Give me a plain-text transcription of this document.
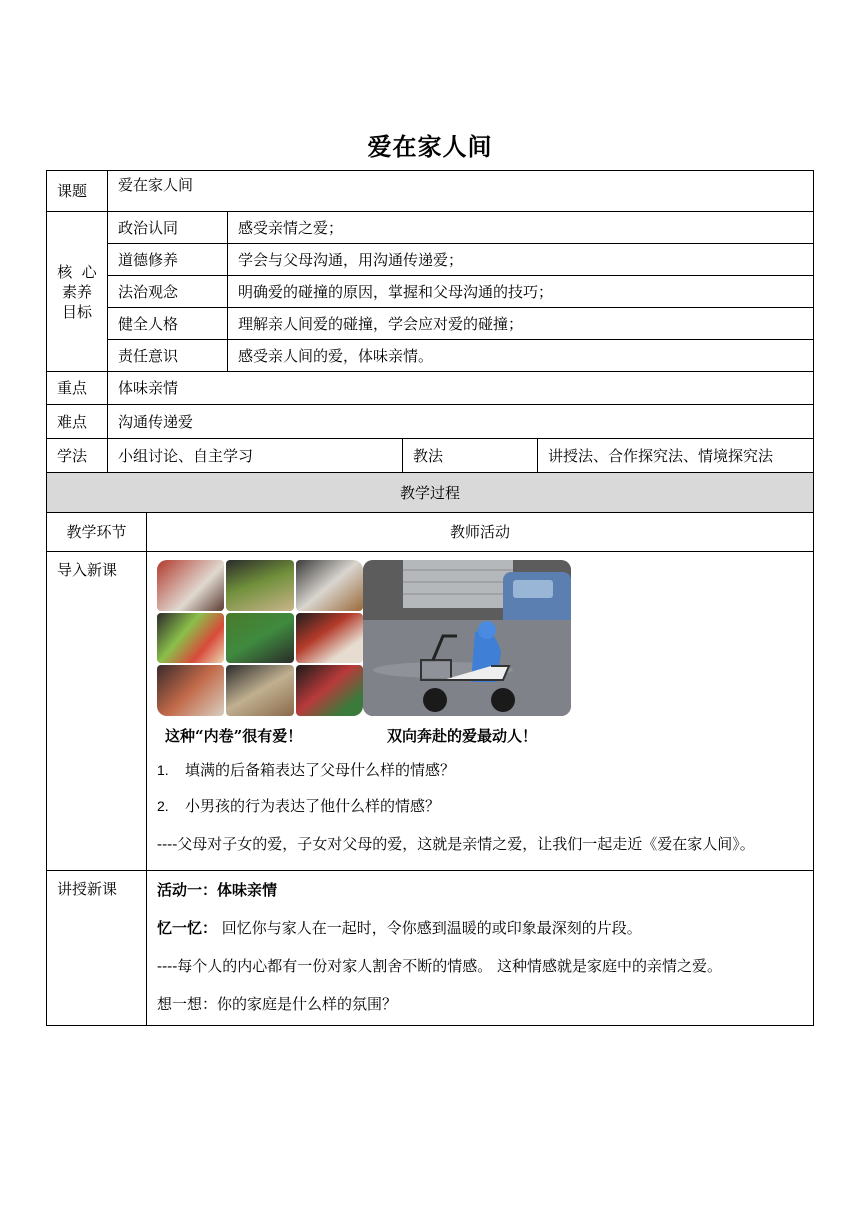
爱在家人间
课题	爱在家人间				

核  心
素养
目标	政治认同		感受亲情之爱；		
	道德修养		学会与父母沟通，用沟通传递爱；		
	法治观念		明确爱的碰撞的原因，掌握和父母沟通的技巧；		
	健全人格		理解亲人间爱的碰撞，学会应对爱的碰撞；		
	责任意识		感受亲人间的爱，体味亲情。		
重点	体味亲情				
难点	沟通传递爱				
学法	小组讨论、自主学习			教法	讲授法、合作探究法、情境探究法
教学过程					
教学环节		教师活动			
导入新课		这种“内卷”很有爱！ 双向奔赴的爱最动人！
1. 填满的后备箱表达了父母什么样的情感？
2. 小男孩的行为表达了他什么样的情感？
----父母对子女的爱，子女对父母的爱，这就是亲情之爱，让我们一起走近《爱在家人间》。			

讲授新课		活动一：体味亲情
忆一忆： 回忆你与家人在一起时，令你感到温暖的或印象最深刻的片段。
----每个人的内心都有一份对家人割舍不断的情感。 这种情感就是家庭中的亲情之爱。
想一想：你的家庭是什么样的氛围？			
